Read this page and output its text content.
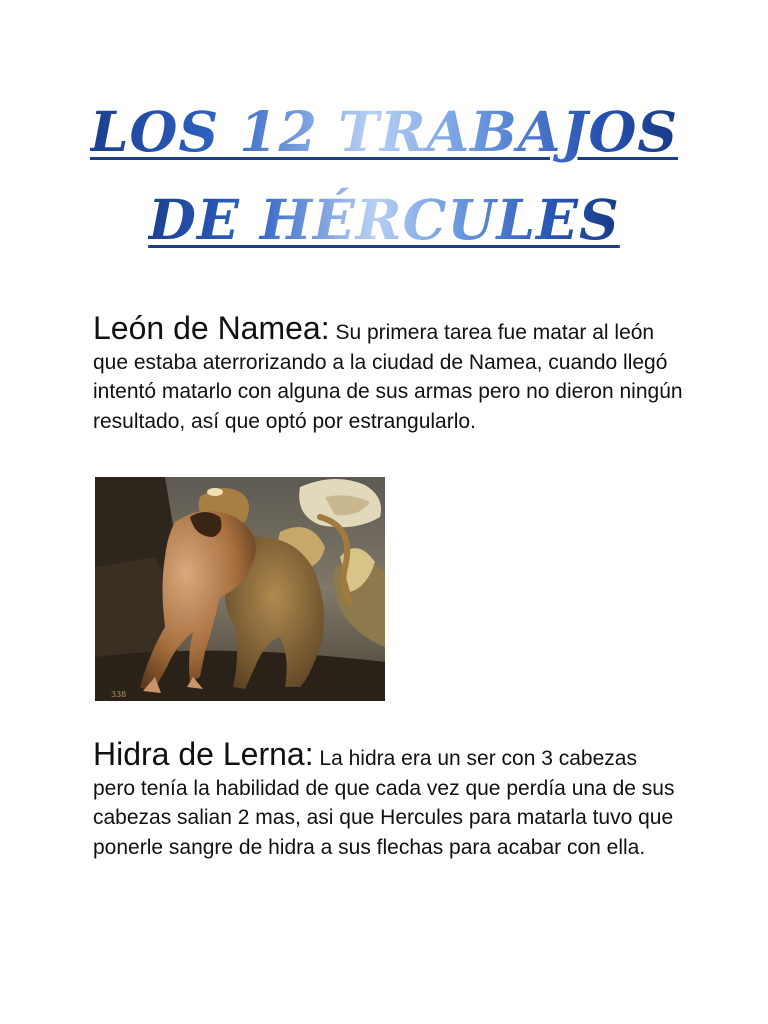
LOS 12 TRABAJOS
DE HÉRCULES
León de Namea: Su primera tarea fue matar al león que estaba aterrorizando a la ciudad de Namea, cuando llegó intentó matarlo con alguna de sus armas pero no dieron ningún resultado, así que optó por estrangularlo.
338
Hidra de Lerna: La hidra era un ser con 3 cabezas pero tenía la habilidad de que cada vez que perdía una de sus cabezas salian 2 mas, asi que Hercules para matarla tuvo que ponerle sangre de hidra a sus flechas para acabar con ella.
